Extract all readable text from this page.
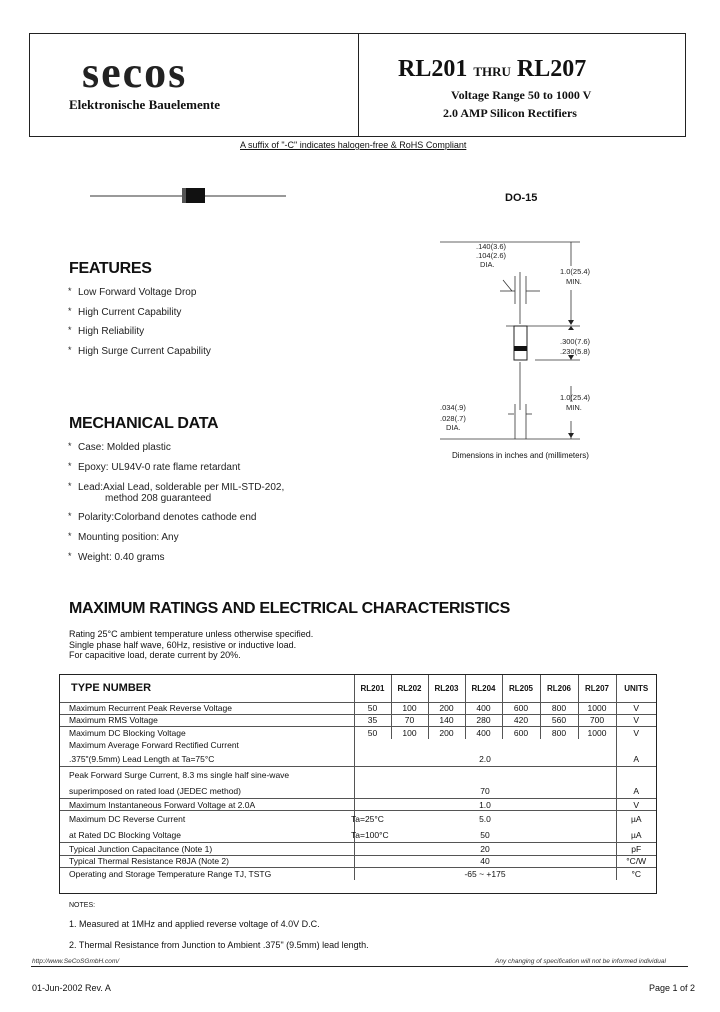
secos
Elektronische Bauelemente
RL201 THRU RL207
Voltage Range 50 to 1000 V
2.0 AMP Silicon Rectifiers
A suffix of "-C" indicates halogen-free & RoHS Compliant
DO-15
.140(3.6)
.104(2.6)
DIA.
1.0(25.4)
MIN.
.300(7.6)
.230(5.8)
1.0(25.4)
MIN.
.034(.9)
.028(.7)
DIA.
Dimensions in inches and (millimeters)
FEATURES
* Low Forward Voltage Drop
* High Current Capability
* High Reliability
* High Surge Current Capability
MECHANICAL DATA
* Case: Molded plastic
* Epoxy: UL94V-0 rate flame retardant
* Lead:Axial Lead, solderable per MIL-STD-202,
method 208 guaranteed
* Polarity:Colorband denotes cathode end
* Mounting position: Any
* Weight: 0.40 grams
MAXIMUM RATINGS AND ELECTRICAL CHARACTERISTICS
Rating 25°C ambient temperature unless otherwise specified.
Single phase half wave, 60Hz, resistive or inductive load.
For capacitive load, derate current by 20%.
TYPE NUMBER	RL201	RL202	RL203	RL204	RL205	RL206	RL207	UNITS
Maximum Recurrent Peak Reverse Voltage	50	100	200	400	600	800	1000	V
Maximum RMS Voltage	35	70	140	280	420	560	700	V
Maximum DC Blocking Voltage	50	100	200	400	600	800	1000	V
Maximum Average Forward Rectified Current								
.375"(9.5mm) Lead Length at Ta=75°C	2.0							A
Peak Forward Surge Current, 8.3 ms single half sine-wave								
superimposed on rated load (JEDEC method)	70							A
Maximum Instantaneous Forward Voltage at 2.0A	1.0							V
Maximum DC Reverse Current Ta=25°C	5.0							µA
at Rated DC Blocking Voltage Ta=100°C	50							µA
Typical Junction Capacitance (Note 1)	20							pF
Typical Thermal Resistance RθJA (Note 2)	40							°C/W
Operating and Storage Temperature Range TJ, TSTG	-65 ~ +175							°C
NOTES:
1. Measured at 1MHz and applied reverse voltage of 4.0V D.C.
2. Thermal Resistance from Junction to Ambient .375" (9.5mm) lead length.
http://www.SeCoSGmbH.com/	Any changing of specification will not be informed individual
01-Jun-2002 Rev. A	Page 1 of 2
